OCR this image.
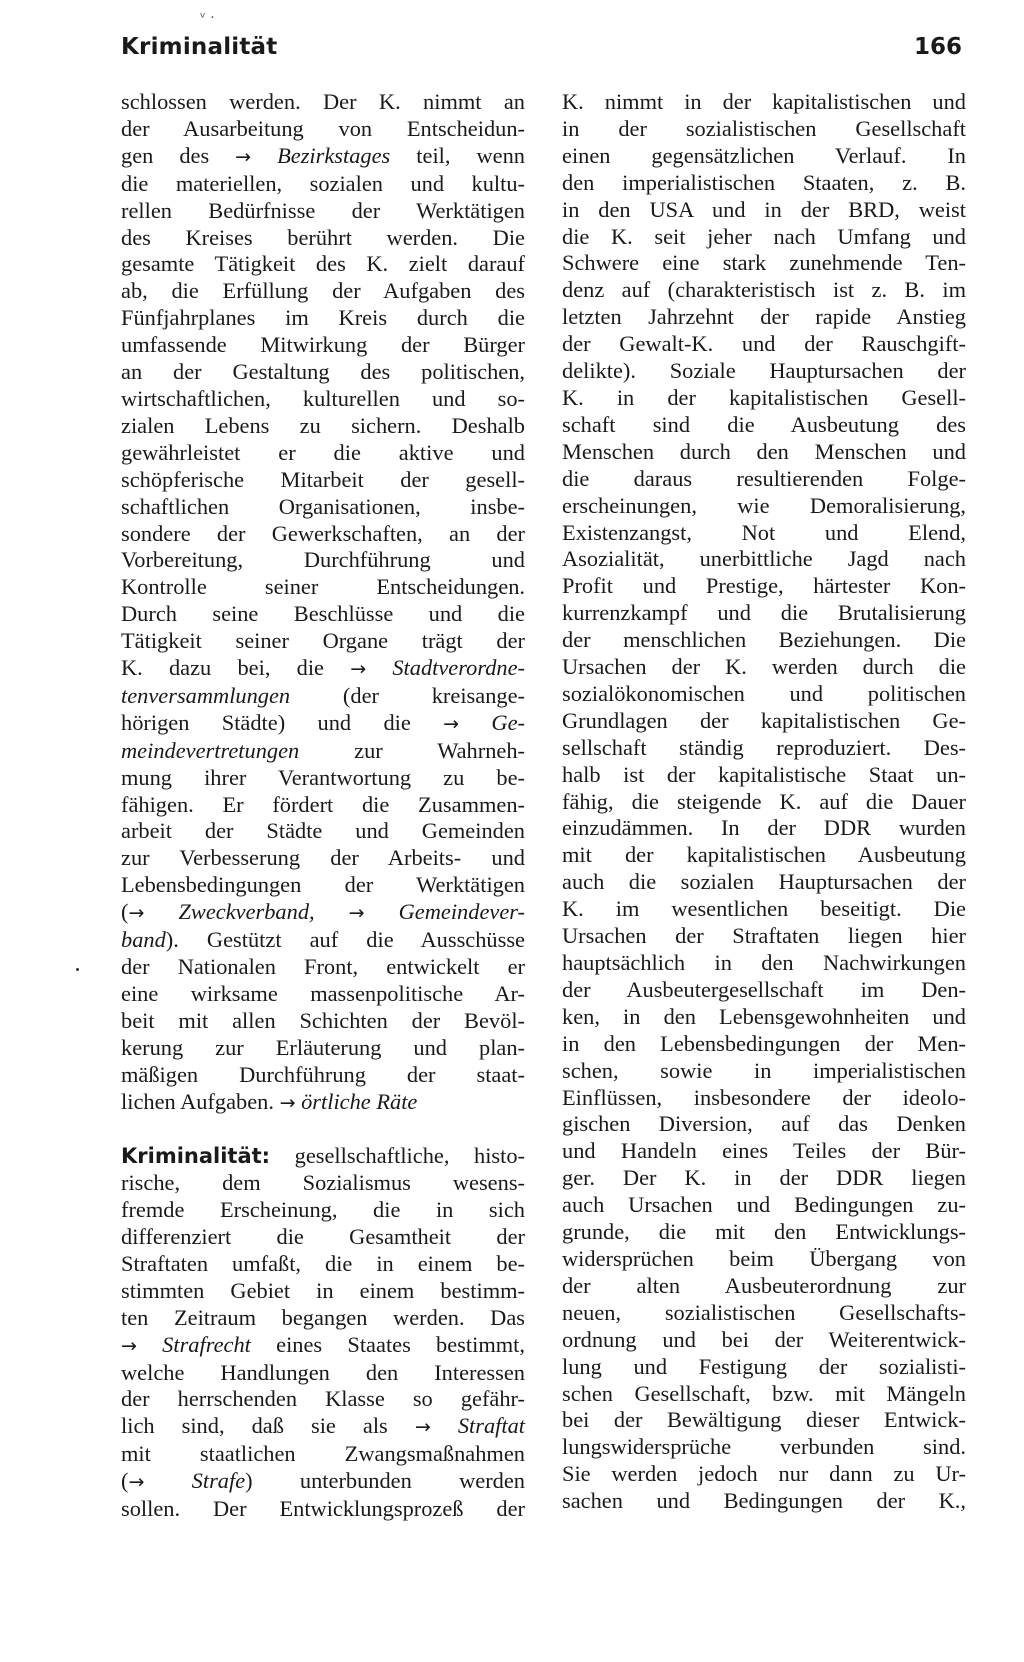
ᵛ ·
Kriminalität	166
schlossen werden. Der K. nimmt an
der Ausarbeitung von Entscheidun-
gen des → Bezirkstages teil, wenn
die materiellen, sozialen und kultu-
rellen Bedürfnisse der Werktätigen
des Kreises berührt werden. Die
gesamte Tätigkeit des K. zielt darauf
ab, die Erfüllung der Aufgaben des
Fünfjahrplanes im Kreis durch die
umfassende Mitwirkung der Bürger
an der Gestaltung des politischen,
wirtschaftlichen, kulturellen und so-
zialen Lebens zu sichern. Deshalb
gewährleistet er die aktive und
schöpferische Mitarbeit der gesell-
schaftlichen Organisationen, insbe-
sondere der Gewerkschaften, an der
Vorbereitung, Durchführung und
Kontrolle seiner Entscheidungen.
Durch seine Beschlüsse und die
Tätigkeit seiner Organe trägt der
K. dazu bei, die → Stadtverordne-
tenversammlungen (der kreisange-
hörigen Städte) und die → Ge-
meindevertretungen zur Wahrneh-
mung ihrer Verantwortung zu be-
fähigen. Er fördert die Zusammen-
arbeit der Städte und Gemeinden
zur Verbesserung der Arbeits- und
Lebensbedingungen der Werktätigen
(→ Zweckverband, → Gemeindever-
band). Gestützt auf die Ausschüsse
der Nationalen Front, entwickelt er
eine wirksame massenpolitische Ar-
beit mit allen Schichten der Bevöl-
kerung zur Erläuterung und plan-
mäßigen Durchführung der staat-
lichen Aufgaben. → örtliche Räte
Kriminalität: gesellschaftliche, histo-
rische, dem Sozialismus wesens-
fremde Erscheinung, die in sich
differenziert die Gesamtheit der
Straftaten umfaßt, die in einem be-
stimmten Gebiet in einem bestimm-
ten Zeitraum begangen werden. Das
→ Strafrecht eines Staates bestimmt,
welche Handlungen den Interessen
der herrschenden Klasse so gefähr-
lich sind, daß sie als → Straftat
mit staatlichen Zwangsmaßnahmen
(→ Strafe) unterbunden werden
sollen. Der Entwicklungsprozeß der
K. nimmt in der kapitalistischen und
in der sozialistischen Gesellschaft
einen gegensätzlichen Verlauf. In
den imperialistischen Staaten, z. B.
in den USA und in der BRD, weist
die K. seit jeher nach Umfang und
Schwere eine stark zunehmende Ten-
denz auf (charakteristisch ist z. B. im
letzten Jahrzehnt der rapide Anstieg
der Gewalt-K. und der Rauschgift-
delikte). Soziale Hauptursachen der
K. in der kapitalistischen Gesell-
schaft sind die Ausbeutung des
Menschen durch den Menschen und
die daraus resultierenden Folge-
erscheinungen, wie Demoralisierung,
Existenzangst, Not und Elend,
Asozialität, unerbittliche Jagd nach
Profit und Prestige, härtester Kon-
kurrenzkampf und die Brutalisierung
der menschlichen Beziehungen. Die
Ursachen der K. werden durch die
sozialökonomischen und politischen
Grundlagen der kapitalistischen Ge-
sellschaft ständig reproduziert. Des-
halb ist der kapitalistische Staat un-
fähig, die steigende K. auf die Dauer
einzudämmen. In der DDR wurden
mit der kapitalistischen Ausbeutung
auch die sozialen Hauptursachen der
K. im wesentlichen beseitigt. Die
Ursachen der Straftaten liegen hier
hauptsächlich in den Nachwirkungen
der Ausbeutergesellschaft im Den-
ken, in den Lebensgewohnheiten und
in den Lebensbedingungen der Men-
schen, sowie in imperialistischen
Einflüssen, insbesondere der ideolo-
gischen Diversion, auf das Denken
und Handeln eines Teiles der Bür-
ger. Der K. in der DDR liegen
auch Ursachen und Bedingungen zu-
grunde, die mit den Entwicklungs-
widersprüchen beim Übergang von
der alten Ausbeuterordnung zur
neuen, sozialistischen Gesellschafts-
ordnung und bei der Weiterentwick-
lung und Festigung der sozialisti-
schen Gesellschaft, bzw. mit Mängeln
bei der Bewältigung dieser Entwick-
lungswidersprüche verbunden sind.
Sie werden jedoch nur dann zu Ur-
sachen und Bedingungen der K.,
